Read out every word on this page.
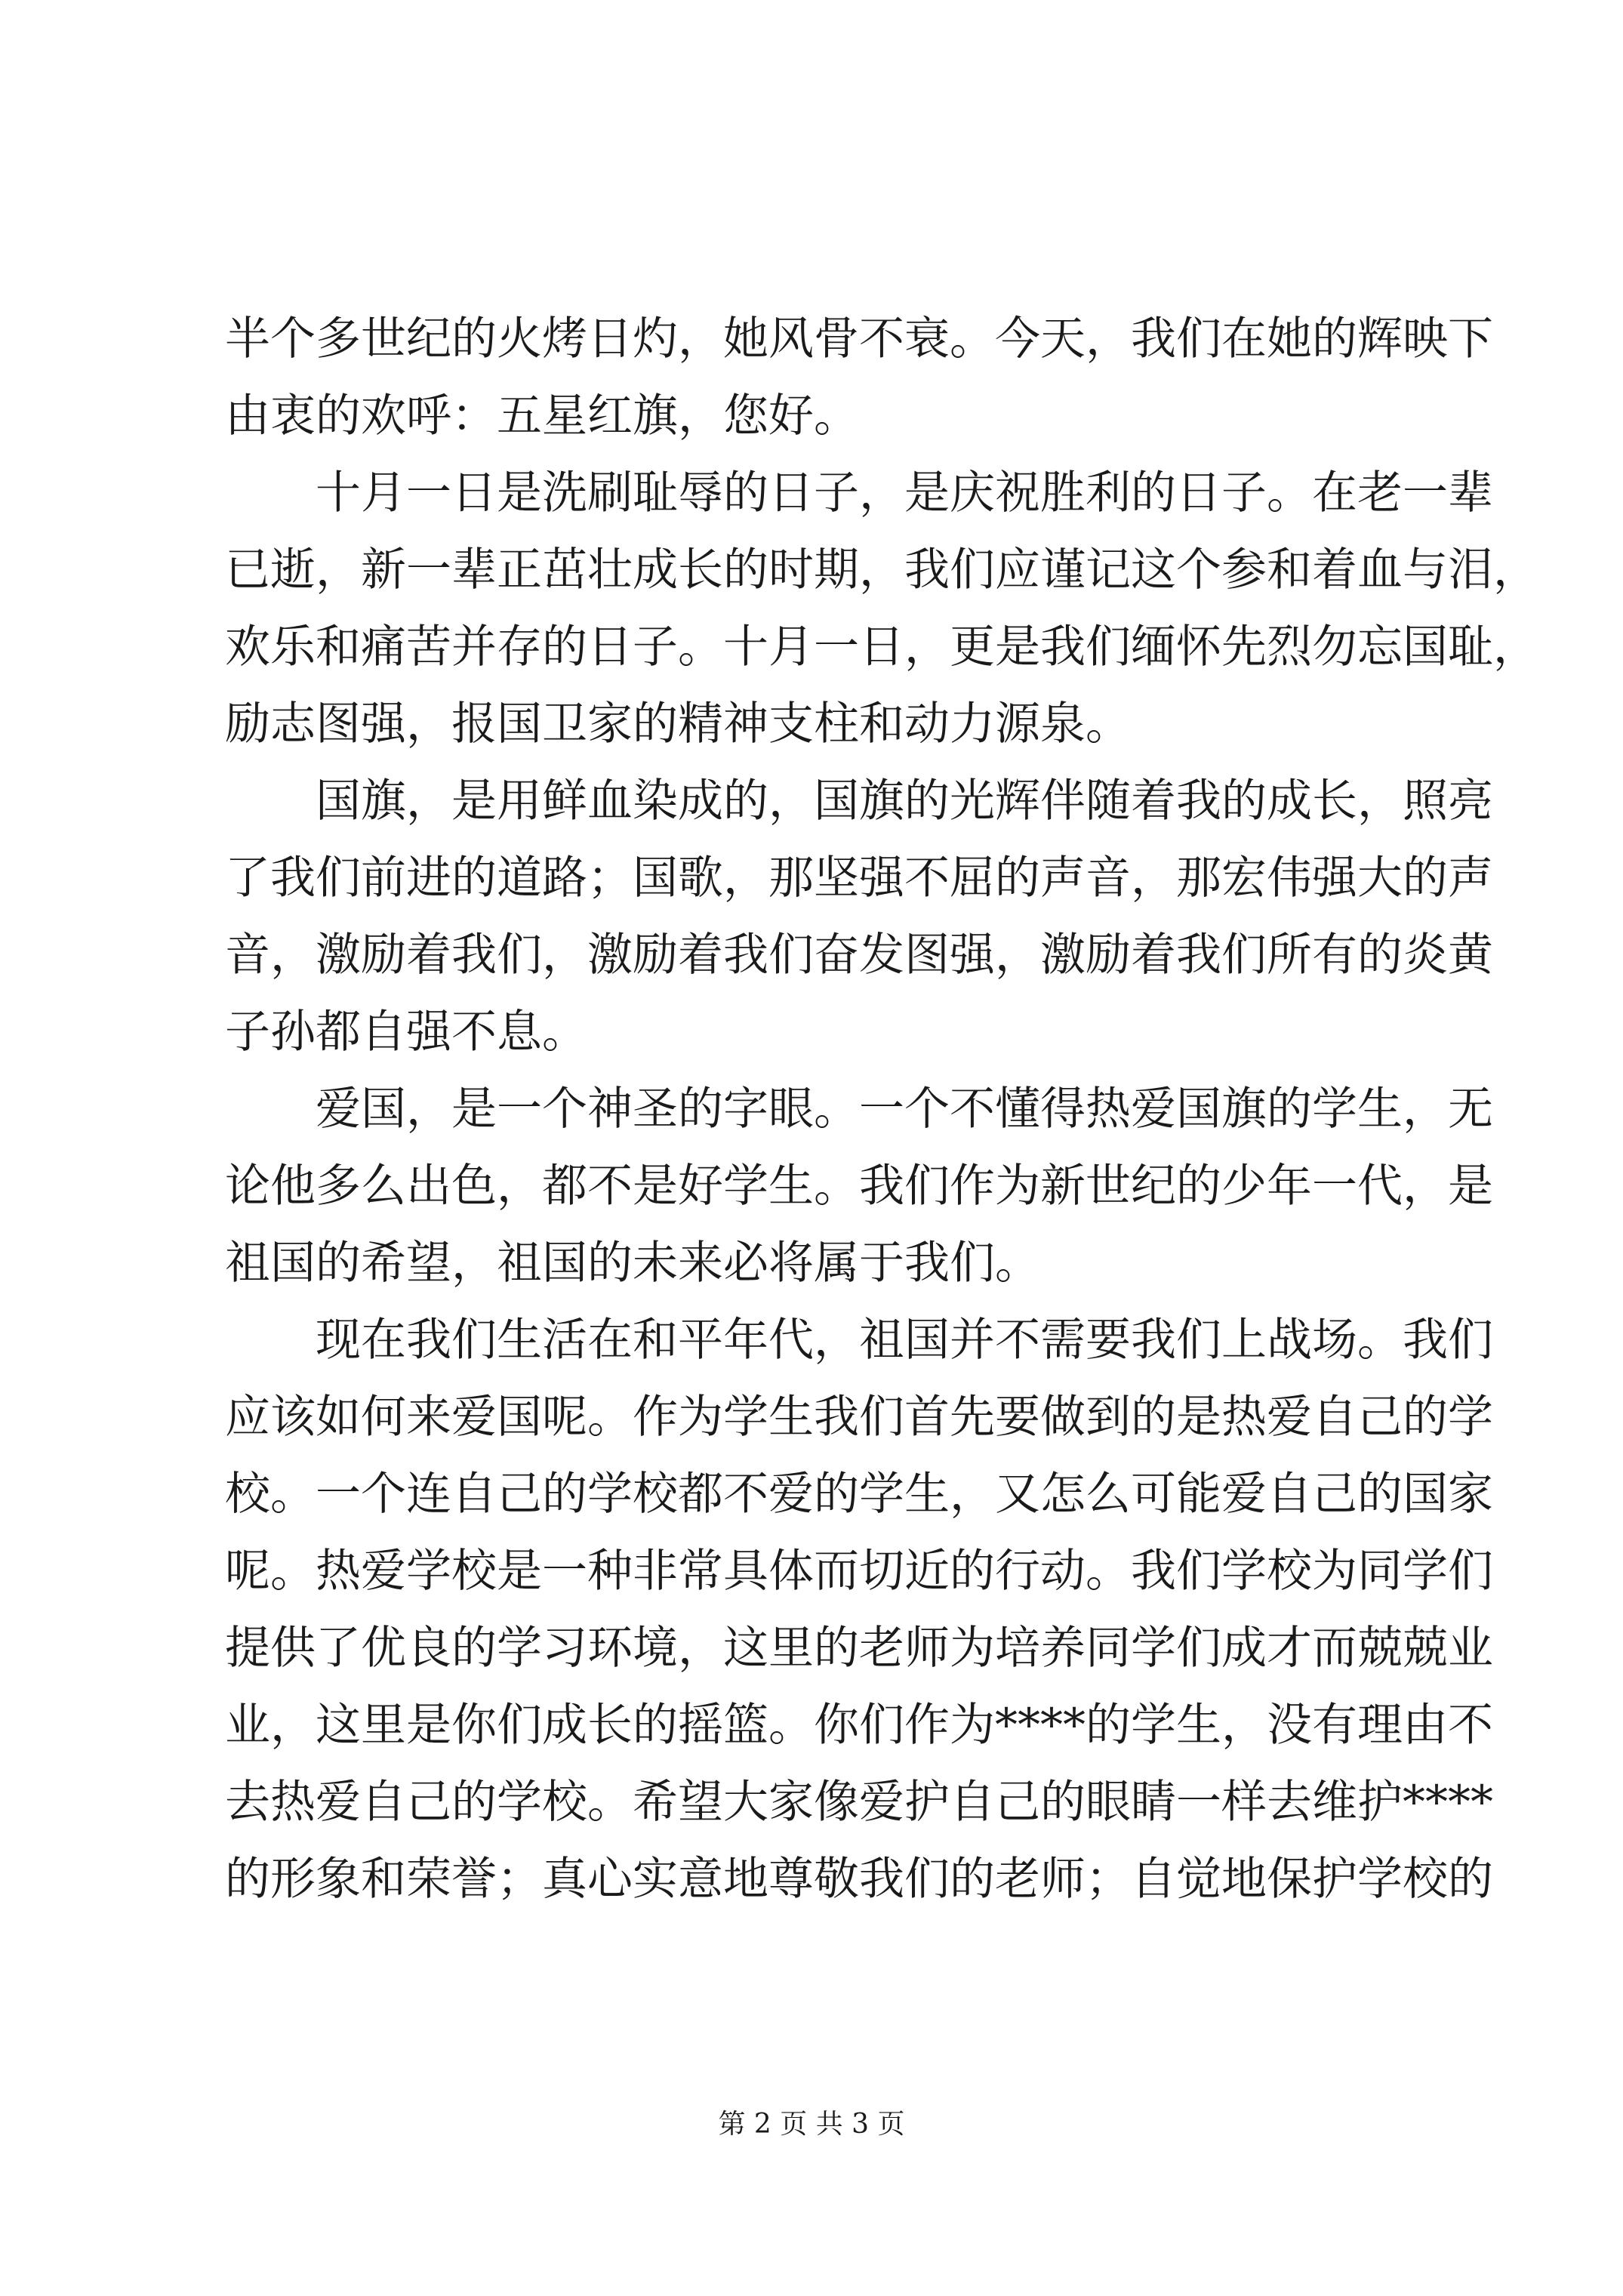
半个多世纪的火烤日灼，她风骨不衰。今天，我们在她的辉映下
由衷的欢呼：五星红旗，您好。
十月一日是洗刷耻辱的日子，是庆祝胜利的日子。在老一辈
已逝，新一辈正茁壮成长的时期，我们应谨记这个参和着血与泪，
欢乐和痛苦并存的日子。十月一日，更是我们缅怀先烈勿忘国耻，
励志图强，报国卫家的精神支柱和动力源泉。
国旗，是用鲜血染成的，国旗的光辉伴随着我的成长，照亮
了我们前进的道路；国歌，那坚强不屈的声音，那宏伟强大的声
音，激励着我们，激励着我们奋发图强，激励着我们所有的炎黄
子孙都自强不息。
爱国，是一个神圣的字眼。一个不懂得热爱国旗的学生，无
论他多么出色，都不是好学生。我们作为新世纪的少年一代，是
祖国的希望，祖国的未来必将属于我们。
现在我们生活在和平年代，祖国并不需要我们上战场。我们
应该如何来爱国呢。作为学生我们首先要做到的是热爱自己的学
校。一个连自己的学校都不爱的学生，又怎么可能爱自己的国家
呢。热爱学校是一种非常具体而切近的行动。我们学校为同学们
提供了优良的学习环境，这里的老师为培养同学们成才而兢兢业
业，这里是你们成长的摇篮。你们作为****的学生，没有理由不
去热爱自己的学校。希望大家像爱护自己的眼睛一样去维护****
的形象和荣誉；真心实意地尊敬我们的老师；自觉地保护学校的
第 2 页 共 3 页
